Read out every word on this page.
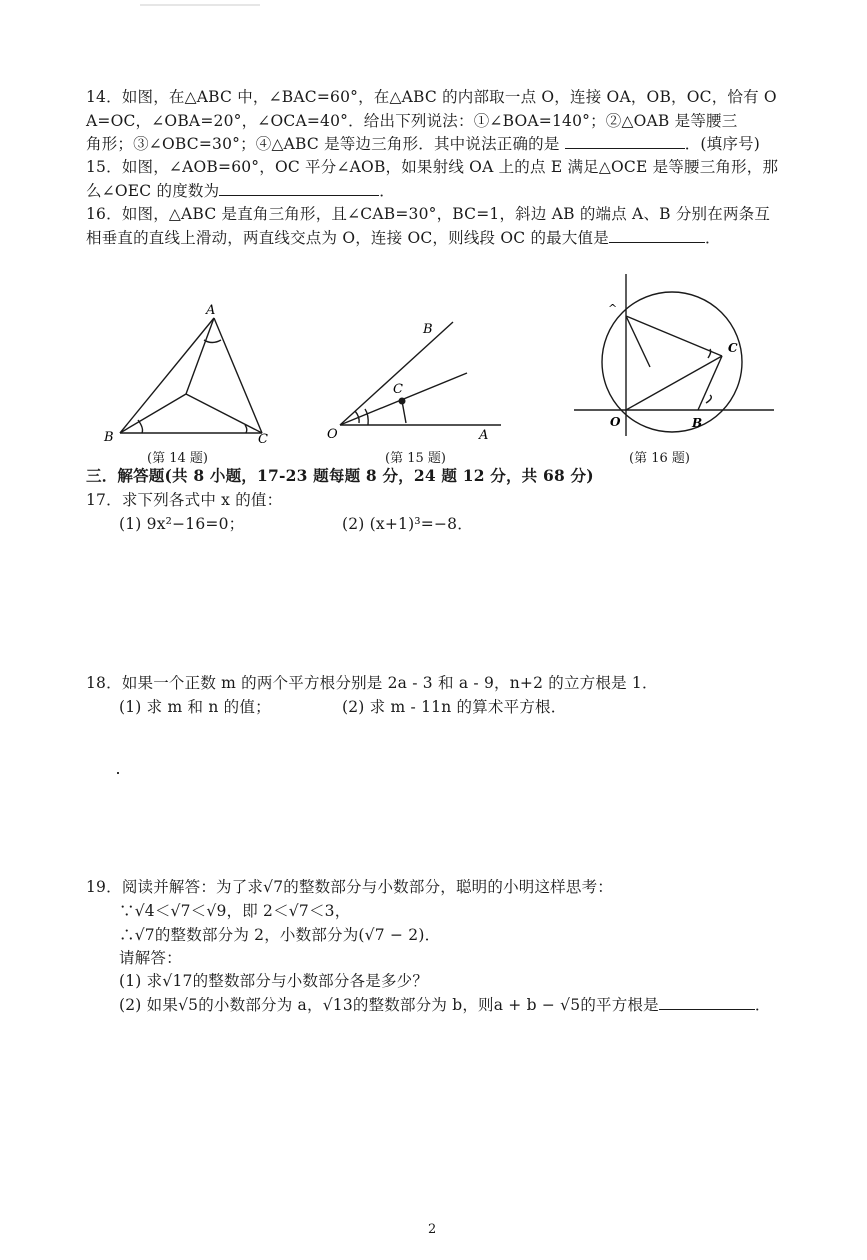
14．如图，在△ABC 中，∠BAC=60°，在△ABC 的内部取一点 O，连接 OA，OB，OC，恰有 O
A=OC，∠OBA=20°，∠OCA=40°．给出下列说法：①∠BOA=140°；②△OAB 是等腰三
角形；③∠OBC=30°；④△ABC 是等边三角形．其中说法正确的是	．(填序号)
15．如图，∠AOB=60°，OC 平分∠AOB，如果射线 OA 上的点 E 满足△OCE 是等腰三角形，那
么∠OEC 的度数为	．
16．如图，△ABC 是直角三角形，且∠CAB=30°，BC=1，斜边 AB 的端点 A、B 分别在两条互
相垂直的直线上滑动，两直线交点为 O，连接 OC，则线段 OC 的最大值是	．
A
B	C
(第 14 题)
O	A
B
C
(第 15 题)
^
O	B
C
(第 16 题)
三．解答题(共 8 小题，17-23 题每题 8 分，24 题 12 分，共 68 分)
17．求下列各式中 x 的值：
(1) 9x²−16=0；	(2) (x+1)³=−8．
18．如果一个正数 m 的两个平方根分别是 2a - 3 和 a - 9，n+2 的立方根是 1．
(1) 求 m 和 n 的值；	(2) 求 m - 11n 的算术平方根．
19．阅读并解答：为了求√7的整数部分与小数部分，聪明的小明这样思考：
∵√4＜√7＜√9，即 2＜√7＜3，
∴√7的整数部分为 2，小数部分为(√7 − 2)．
请解答：
(1) 求√17的整数部分与小数部分各是多少？
(2) 如果√5的小数部分为 a，√13的整数部分为 b，则a + b − √5的平方根是	．
2
